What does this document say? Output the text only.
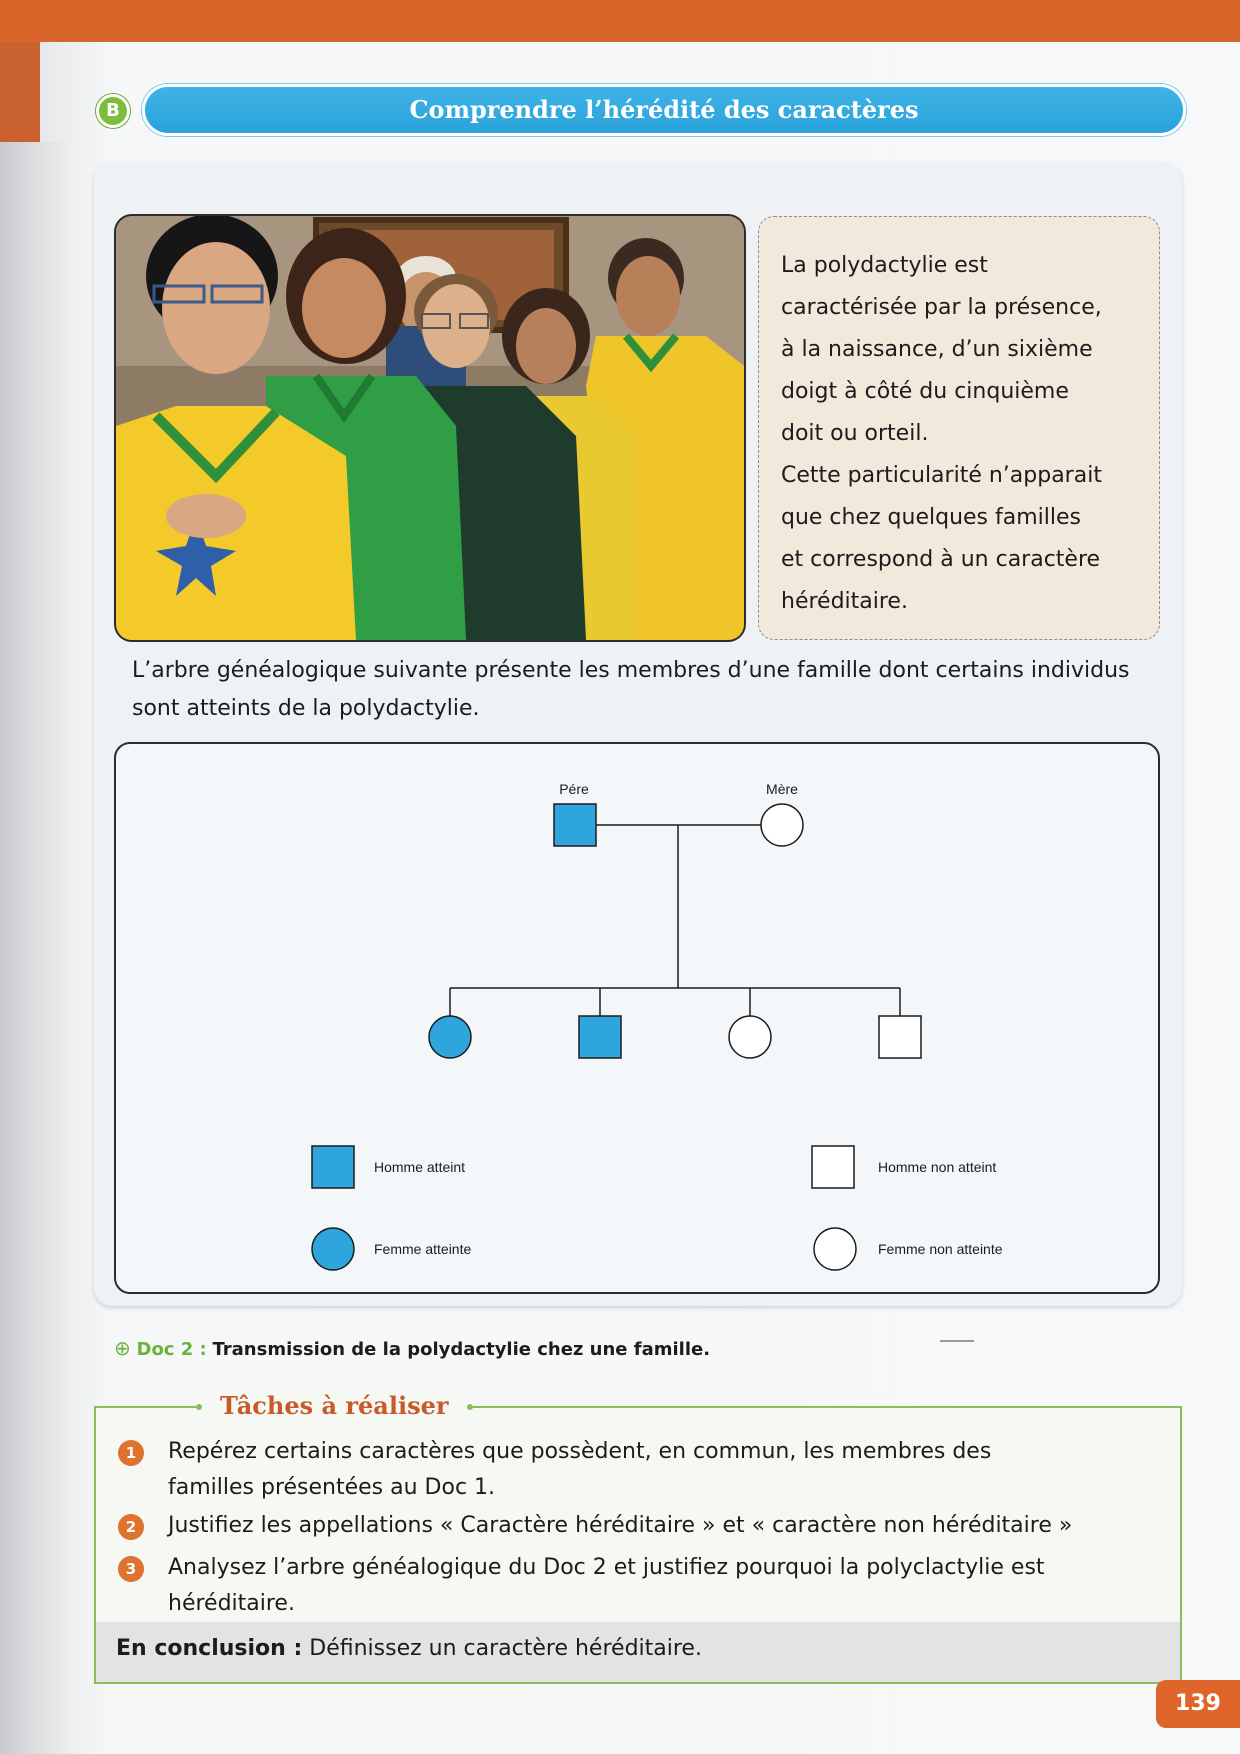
B	Comprendre l’hérédité des caractères

La polydactylie est
caractérisée par la présence,
à la naissance, d’un sixième
doigt à côté du cinquième
doit ou orteil.
Cette particularité n’apparait
que chez quelques familles
et correspond à un caractère
héréditaire.

L’arbre généalogique suivante présente les membres d’une famille dont certains individus
sont atteints de la polydactylie.
Pére	Mère
Homme atteint
Femme atteinte
Homme non atteint
Femme non atteinte
⊕ Doc 2 : Transmission de la polydactylie chez une famille.
Tâches à réaliser
1	Repérez certains caractères que possèdent, en commun, les membres des
familles présentées au Doc 1.
2	Justifiez les appellations « Caractère héréditaire » et « caractère non héréditaire »
3	Analysez l’arbre généalogique du Doc 2 et justifiez pourquoi la polyclactylie est
héréditaire.
En conclusion : Définissez un caractère héréditaire.
139
